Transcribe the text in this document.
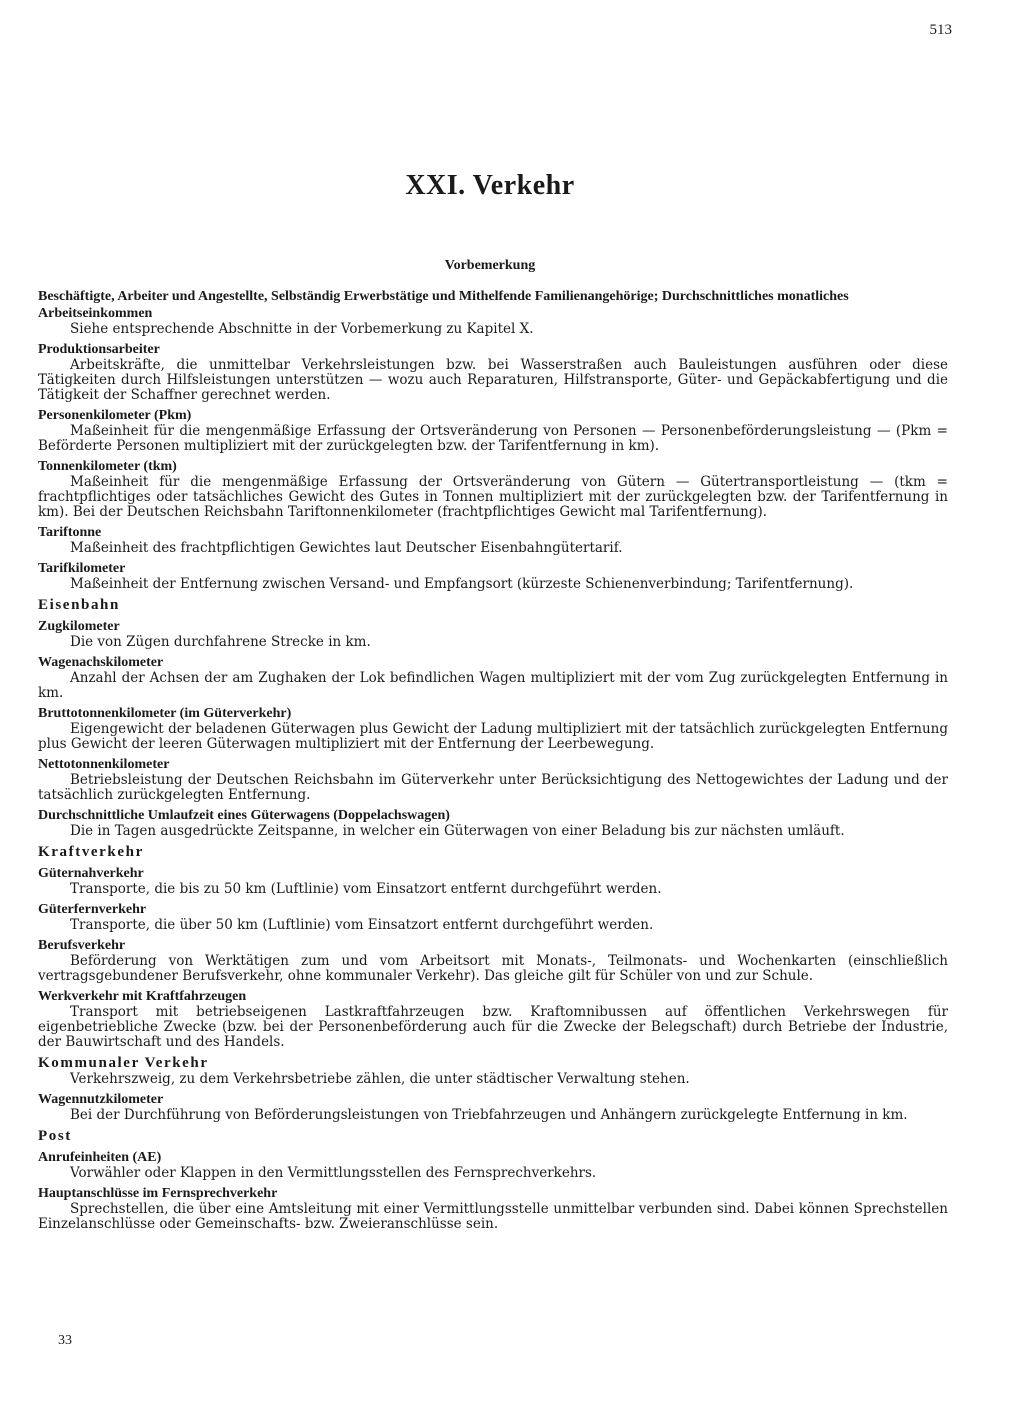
513
XXI. Verkehr
Vorbemerkung
Beschäftigte, Arbeiter und Angestellte, Selbständig Erwerbstätige und Mithelfende Familienangehörige; Durchschnittliches monatliches Arbeitseinkommen
Siehe entsprechende Abschnitte in der Vorbemerkung zu Kapitel X.
Produktionsarbeiter
Arbeitskräfte, die unmittelbar Verkehrsleistungen bzw. bei Wasserstraßen auch Bauleistungen ausführen oder diese Tätigkeiten durch Hilfsleistungen unterstützen — wozu auch Reparaturen, Hilfstransporte, Güter- und Gepäckabfertigung und die Tätigkeit der Schaffner gerechnet werden.
Personenkilometer (Pkm)
Maßeinheit für die mengenmäßige Erfassung der Ortsveränderung von Personen — Personenbeförderungsleistung — (Pkm = Beförderte Personen multipliziert mit der zurückgelegten bzw. der Tarifentfernung in km).
Tonnenkilometer (tkm)
Maßeinheit für die mengenmäßige Erfassung der Ortsveränderung von Gütern — Gütertransportleistung — (tkm = frachtpflichtiges oder tatsächliches Gewicht des Gutes in Tonnen multipliziert mit der zurückgelegten bzw. der Tarifentfernung in km). Bei der Deutschen Reichsbahn Tariftonnenkilometer (frachtpflichtiges Gewicht mal Tarifentfernung).
Tariftonne
Maßeinheit des frachtpflichtigen Gewichtes laut Deutscher Eisenbahngütertarif.
Tarifkilometer
Maßeinheit der Entfernung zwischen Versand- und Empfangsort (kürzeste Schienenverbindung; Tarifentfernung).
Eisenbahn
Zugkilometer
Die von Zügen durchfahrene Strecke in km.
Wagenachskilometer
Anzahl der Achsen der am Zughaken der Lok befindlichen Wagen multipliziert mit der vom Zug zurückgelegten Entfernung in km.
Bruttotonnenkilometer (im Güterverkehr)
Eigengewicht der beladenen Güterwagen plus Gewicht der Ladung multipliziert mit der tatsächlich zurückgelegten Entfernung plus Gewicht der leeren Güterwagen multipliziert mit der Entfernung der Leerbewegung.
Nettotonnenkilometer
Betriebsleistung der Deutschen Reichsbahn im Güterverkehr unter Berücksichtigung des Nettogewichtes der Ladung und der tatsächlich zurückgelegten Entfernung.
Durchschnittliche Umlaufzeit eines Güterwagens (Doppelachswagen)
Die in Tagen ausgedrückte Zeitspanne, in welcher ein Güterwagen von einer Beladung bis zur nächsten umläuft.
Kraftverkehr
Güternahverkehr
Transporte, die bis zu 50 km (Luftlinie) vom Einsatzort entfernt durchgeführt werden.
Güterfernverkehr
Transporte, die über 50 km (Luftlinie) vom Einsatzort entfernt durchgeführt werden.
Berufsverkehr
Beförderung von Werktätigen zum und vom Arbeitsort mit Monats-, Teilmonats- und Wochenkarten (einschließlich vertragsgebundener Berufsverkehr, ohne kommunaler Verkehr). Das gleiche gilt für Schüler von und zur Schule.
Werkverkehr mit Kraftfahrzeugen
Transport mit betriebseigenen Lastkraftfahrzeugen bzw. Kraftomnibussen auf öffentlichen Verkehrswegen für eigenbetriebliche Zwecke (bzw. bei der Personenbeförderung auch für die Zwecke der Belegschaft) durch Betriebe der Industrie, der Bauwirtschaft und des Handels.
Kommunaler Verkehr
Verkehrszweig, zu dem Verkehrsbetriebe zählen, die unter städtischer Verwaltung stehen.
Wagennutzkilometer
Bei der Durchführung von Beförderungsleistungen von Triebfahrzeugen und Anhängern zurückgelegte Entfernung in km.
Post
Anrufeinheiten (AE)
Vorwähler oder Klappen in den Vermittlungsstellen des Fernsprechverkehrs.
Hauptanschlüsse im Fernsprechverkehr
Sprechstellen, die über eine Amtsleitung mit einer Vermittlungsstelle unmittelbar verbunden sind. Dabei können Sprechstellen Einzelanschlüsse oder Gemeinschafts- bzw. Zweieranschlüsse sein.
33
